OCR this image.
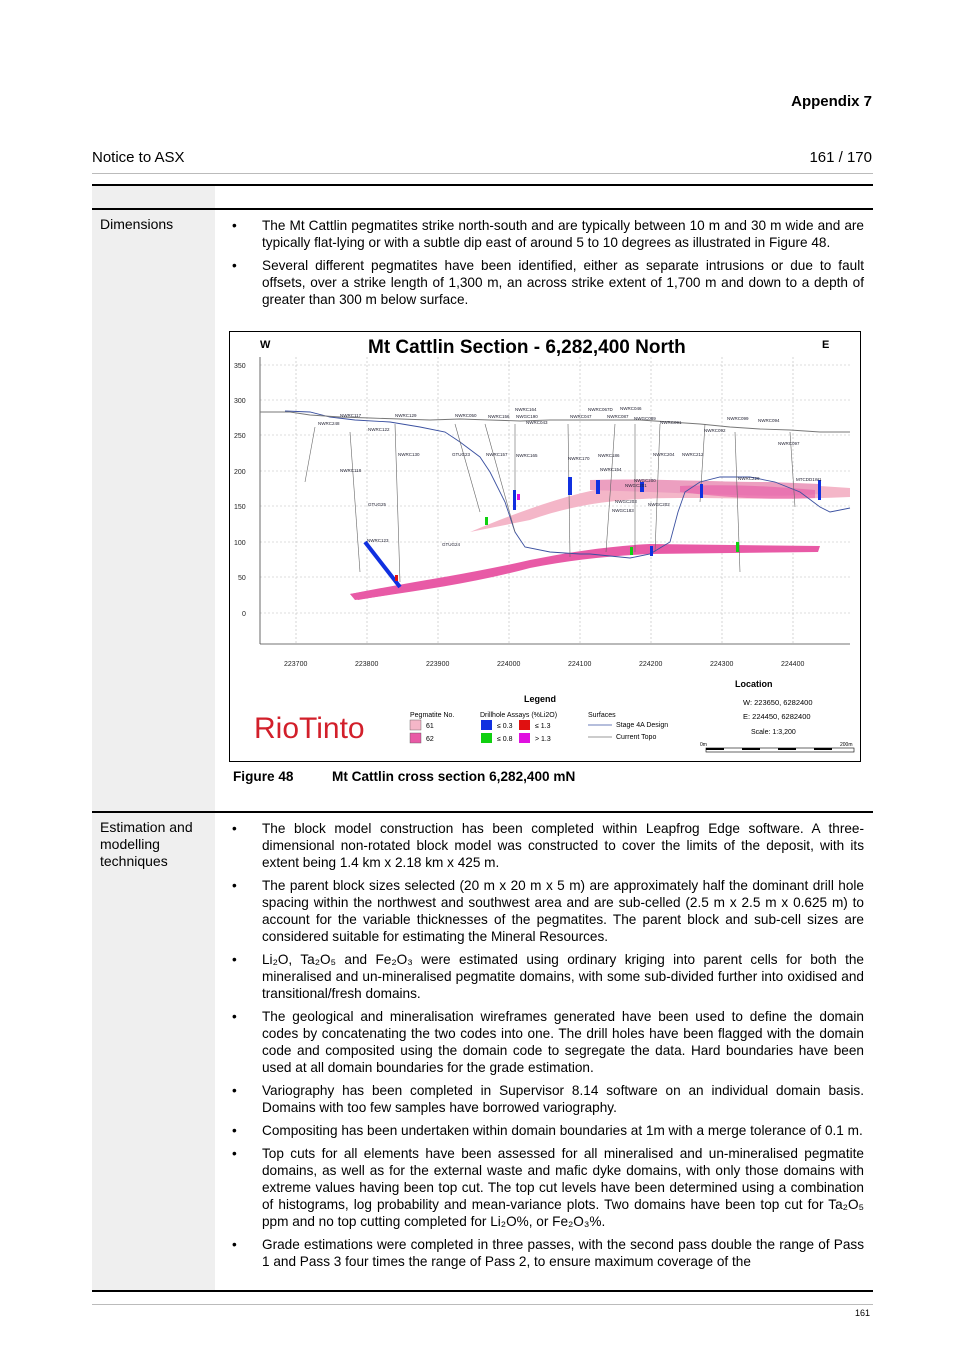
Appendix 7
Notice to ASX	161 / 170
Dimensions	• The Mt Cattlin pegmatites strike north-south and are typically between 10 m and 30 m wide and are typically flat-lying or with a subtle dip east of around 5 to 10 degrees as illustrated in Figure 48.
• Several different pegmatites have been identified, either as separate intrusions or due to fault offsets, over a strike length of 1,300 m, an across strike extent of 1,700 m and down to a depth of greater than 300 m below surface.
W	E
Mt Cattlin Section - 6,282,400 North
350
300
250
200
150
100
50
0
223700	223800	223900	224000	224100	224200	224300	224400
NWRC117
NWRC248
NWRC129
NWRC122
NWRC050	NWRC156 NWGC190
NWRC164
NWRC043
NWRC047
NWRC067D
NWRC087
NWRC046
NWGC089
NWRC091
NWRC092
NWRC099 NWRC094
NWRC097
NWRC118
NWRC130	GTUG23	NWRC157 NWRC165
NWRC170
NWRC186	NWRC204 NWRC212
NWRC154
NWGC200
NWGC201
NWRC229	MTCDD1W1
GTUG25	NWGC202
NWGC203
NWGC183
NWRC123
GTUG24
RioTinto
Legend
Pegmatite No.
61
62
Drillhole Assays (%Li2O)
≤ 0.3	≤ 1.3
≤ 0.8	> 1.3
Surfaces
Stage 4A Design
Current Topo
Location
W: 223650, 6282400
E: 224450, 6282400
Scale: 1:3,200
0m	200m
Figure 48	Mt Cattlin cross section 6,282,400 mN
Estimation and modelling techniques
• The block model construction has been completed within Leapfrog Edge software. A three-dimensional non-rotated block model was constructed to cover the limits of the deposit, with its extent being 1.4 km x 2.18 km x 425 m.
• The parent block sizes selected (20 m x 20 m x 5 m) are approximately half the dominant drill hole spacing within the northwest and southwest area and are sub-celled (2.5 m x 2.5 m x 0.625 m) to account for the variable thicknesses of the pegmatites. The parent block and sub-cell sizes are considered suitable for estimating the Mineral Resources.
• Li₂O, Ta₂O₅ and Fe₂O₃ were estimated using ordinary kriging into parent cells for both the mineralised and un-mineralised pegmatite domains, with some sub-divided further into oxidised and transitional/fresh domains.
• The geological and mineralisation wireframes generated have been used to define the domain codes by concatenating the two codes into one. The drill holes have been flagged with the domain code and composited using the domain code to segregate the data. Hard boundaries have been used at all domain boundaries for the grade estimation.
• Variography has been completed in Supervisor 8.14 software on an individual domain basis. Domains with too few samples have borrowed variography.
• Compositing has been undertaken within domain boundaries at 1m with a merge tolerance of 0.1 m.
• Top cuts for all elements have been assessed for all mineralised and un-mineralised pegmatite domains, as well as for the external waste and mafic dyke domains, with only those domains with extreme values having been top cut. The top cut levels have been determined using a combination of histograms, log probability and mean-variance plots. Two domains have been top cut for Ta₂O₅ ppm and no top cutting completed for Li₂O%, or Fe₂O₃%.
• Grade estimations were completed in three passes, with the second pass double the range of Pass 1 and Pass 3 four times the range of Pass 2, to ensure maximum coverage of the
161
